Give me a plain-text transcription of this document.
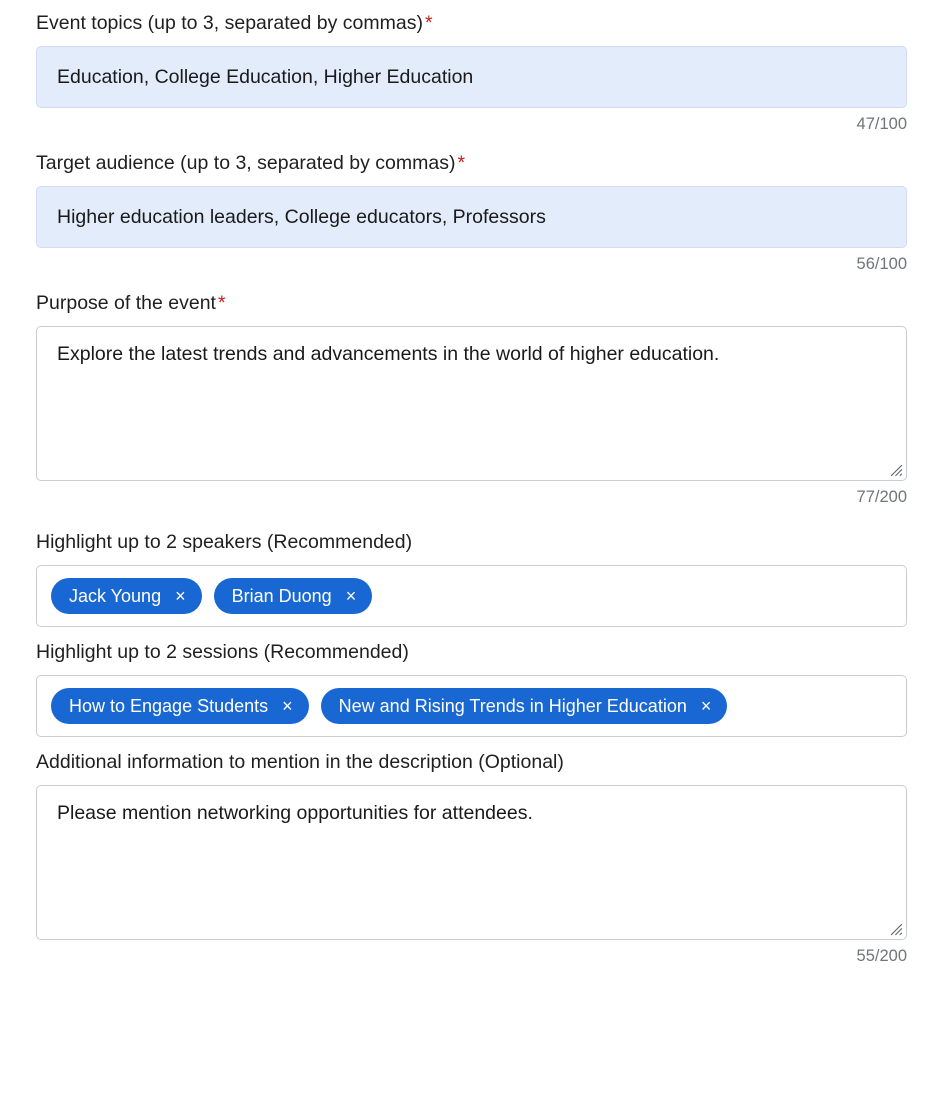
Event topics (up to 3, separated by commas) *
Education, College Education, Higher Education
47/100
Target audience (up to 3, separated by commas) *
Higher education leaders, College educators, Professors
56/100
Purpose of the event *
Explore the latest trends and advancements in the world of higher education.
77/200
Highlight up to 2 speakers (Recommended)
Jack Young ×	Brian Duong ×
Highlight up to 2 sessions (Recommended)
How to Engage Students ×	New and Rising Trends in Higher Education ×
Additional information to mention in the description (Optional)
Please mention networking opportunities for attendees.
55/200
